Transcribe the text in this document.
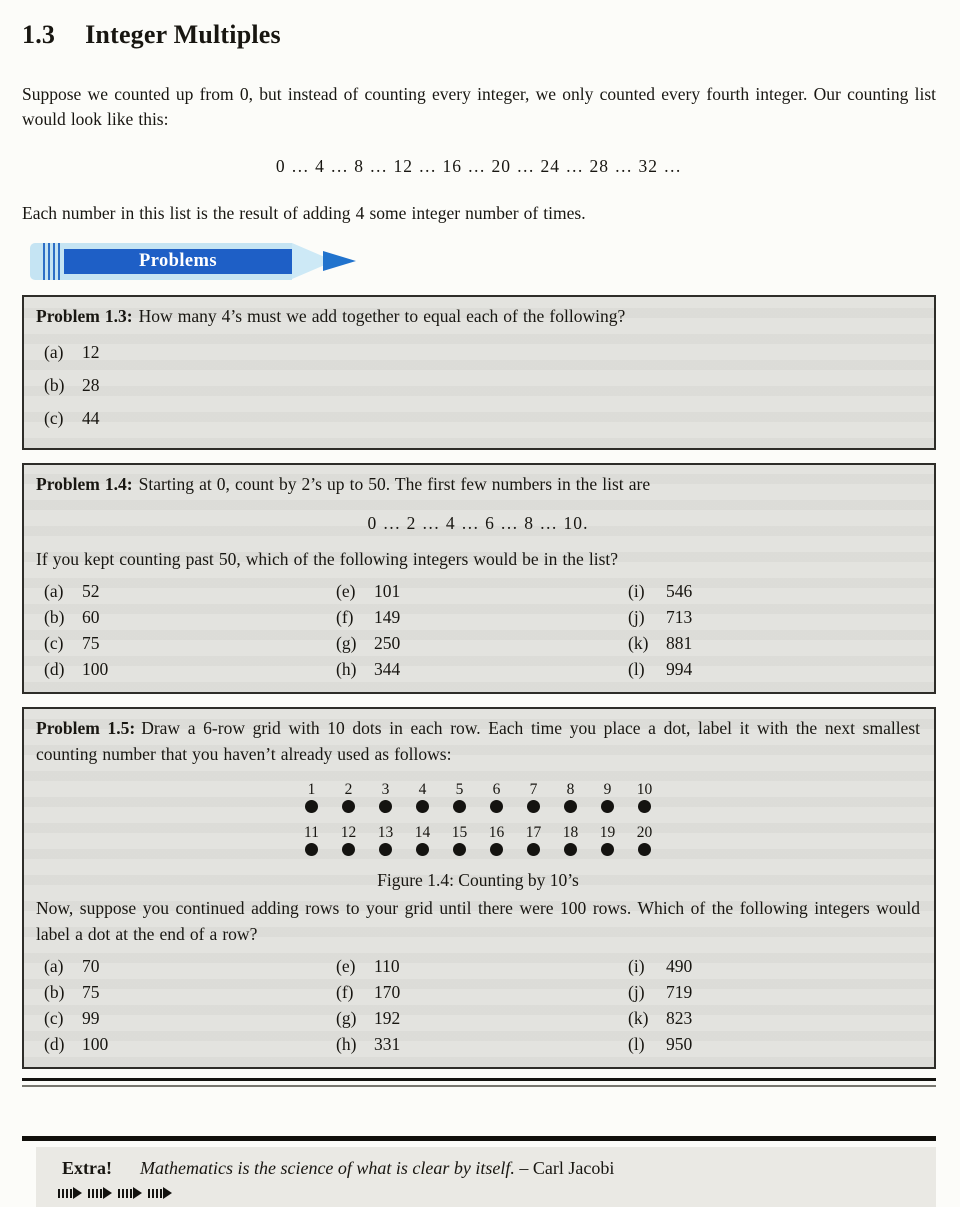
1.3 Integer Multiples

Suppose we counted up from 0, but instead of counting every integer, we only counted every fourth integer. Our counting list would look like this:

0 … 4 … 8 … 12 … 16 … 20 … 24 … 28 … 32 …

Each number in this list is the result of adding 4 some integer number of times.

Problems

Problem 1.3: How many 4’s must we add together to equal each of the following?

(a)	12
(b)	28
(c)	44

Problem 1.4: Starting at 0, count by 2’s up to 50. The first few numbers in the list are

0 … 2 … 4 … 6 … 8 … 10.

If you kept counting past 50, which of the following integers would be in the list?

(a)	52
(b)	60
(c)	75
(d)	100
(e)	101
(f)	149
(g)	250
(h)	344
(i)	546
(j)	713
(k)	881
(l)	994

Problem 1.5: Draw a 6-row grid with 10 dots in each row. Each time you place a dot, label it with the next smallest counting number that you haven’t already used as follows:

1	2	3	4	5	6	7	8	9	10
11	12	13	14	15	16	17	18	19	20
Figure 1.4: Counting by 10’s

Now, suppose you continued adding rows to your grid until there were 100 rows. Which of the following integers would label a dot at the end of a row?

(a)	70
(b)	75
(c)	99
(d)	100
(e)	110
(f)	170
(g)	192
(h)	331
(i)	490
(j)	719
(k)	823
(l)	950
Extra! Mathematics is the science of what is clear by itself. – Carl Jacobi
